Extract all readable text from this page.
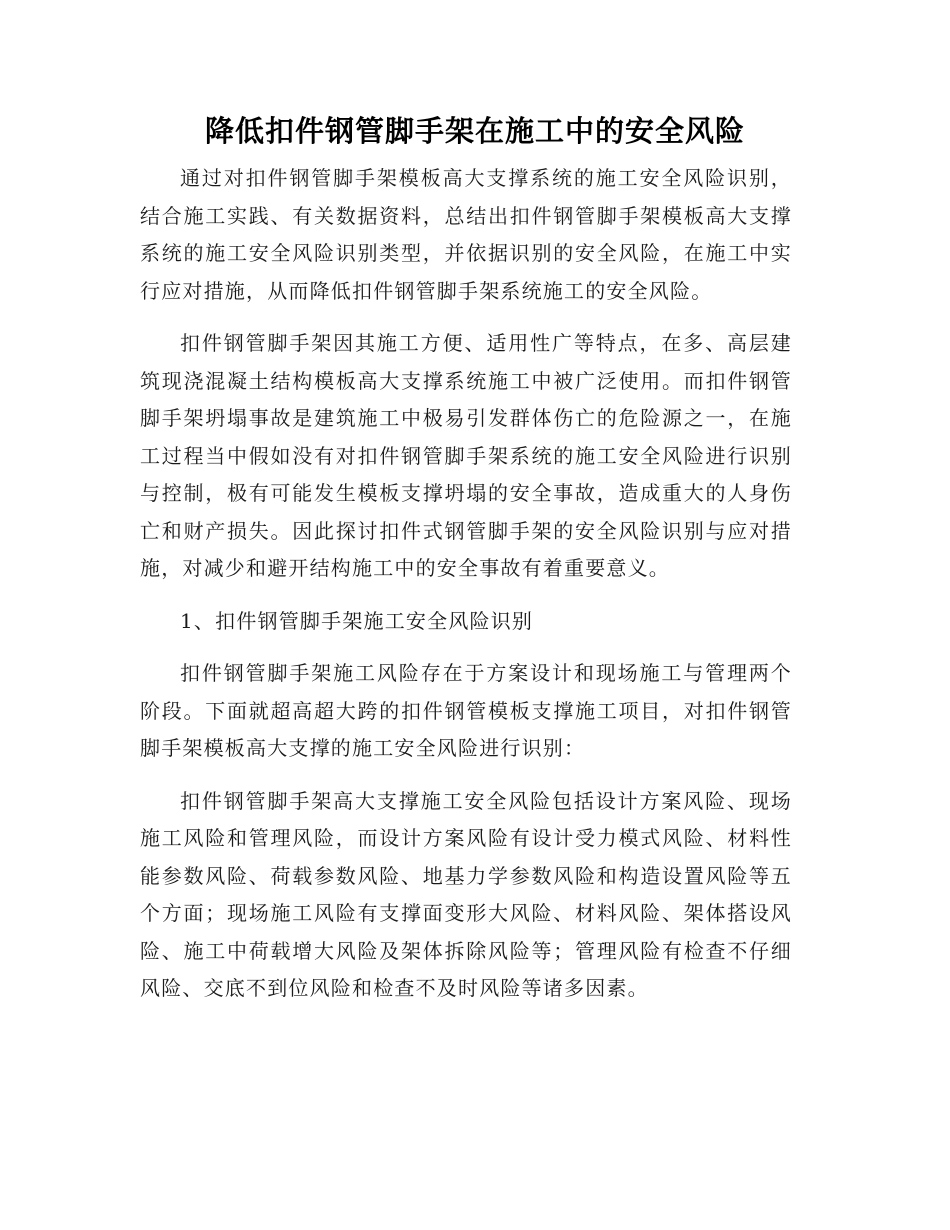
降低扣件钢管脚手架在施工中的安全风险

通过对扣件钢管脚手架模板高大支撑系统的施工安全风险识别，结合施工实践、有关数据资料，总结出扣件钢管脚手架模板高大支撑系统的施工安全风险识别类型，并依据识别的安全风险，在施工中实行应对措施，从而降低扣件钢管脚手架系统施工的安全风险。

扣件钢管脚手架因其施工方便、适用性广等特点，在多、高层建筑现浇混凝土结构模板高大支撑系统施工中被广泛使用。而扣件钢管脚手架坍塌事故是建筑施工中极易引发群体伤亡的危险源之一，在施工过程当中假如没有对扣件钢管脚手架系统的施工安全风险进行识别与控制，极有可能发生模板支撑坍塌的安全事故，造成重大的人身伤亡和财产损失。因此探讨扣件式钢管脚手架的安全风险识别与应对措施，对减少和避开结构施工中的安全事故有着重要意义。

1、扣件钢管脚手架施工安全风险识别

扣件钢管脚手架施工风险存在于方案设计和现场施工与管理两个阶段。下面就超高超大跨的扣件钢管模板支撑施工项目，对扣件钢管脚手架模板高大支撑的施工安全风险进行识别：

扣件钢管脚手架高大支撑施工安全风险包括设计方案风险、现场施工风险和管理风险，而设计方案风险有设计受力模式风险、材料性能参数风险、荷载参数风险、地基力学参数风险和构造设置风险等五个方面；现场施工风险有支撑面变形大风险、材料风险、架体搭设风险、施工中荷载增大风险及架体拆除风险等；管理风险有检查不仔细风险、交底不到位风险和检查不及时风险等诸多因素。
